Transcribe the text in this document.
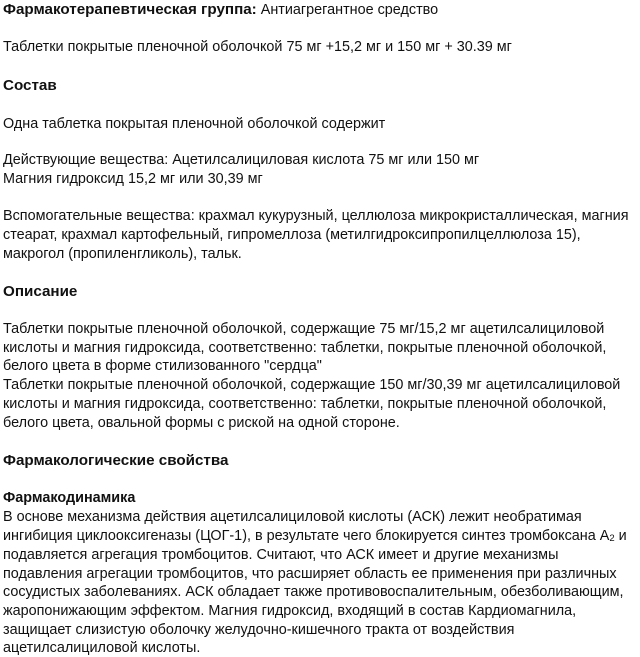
Фармакотерапевтическая группа: Антиагрегантное средство
Таблетки покрытые пленочной оболочкой 75 мг +15,2 мг и 150 мг + 30.39 мг
Состав
Одна таблетка покрытая пленочной оболочкой содержит
Действующие вещества: Ацетилсалициловая кислота 75 мг или 150 мг
Магния гидроксид 15,2 мг или 30,39 мг
Вспомогательные вещества: крахмал кукурузный, целлюлоза микрокристаллическая, магния
стеарат, крахмал картофельный, гипромеллоза (метилгидроксипропилцеллюлоза 15),
макрогол (пропиленгликоль), тальк.
Описание
Таблетки покрытые пленочной оболочкой, содержащие 75 мг/15,2 мг ацетилсалициловой
кислоты и магния гидроксида, соответственно: таблетки, покрытые пленочной оболочкой,
белого цвета в форме стилизованного "сердца"
Таблетки покрытые пленочной оболочкой, содержащие 150 мг/30,39 мг ацетилсалициловой
кислоты и магния гидроксида, соответственно: таблетки, покрытые пленочной оболочкой,
белого цвета, овальной формы с риской на одной стороне.
Фармакологические свойства
Фармакодинамика
В основе механизма действия ацетилсалициловой кислоты (АСК) лежит необратимая
ингибиция циклооксигеназы (ЦОГ-1), в результате чего блокируется синтез тромбоксана $А_2$ и
подавляется агрегация тромбоцитов. Считают, что АСК имеет и другие механизмы
подавления агрегации тромбоцитов, что расширяет область ее применения при различных
сосудистых заболеваниях. АСК обладает также противовоспалительным, обезболивающим,
жаропонижающим эффектом. Магния гидроксид, входящий в состав Кардиомагнила,
защищает слизистую оболочку желудочно-кишечного тракта от воздействия
ацетилсалициловой кислоты.
